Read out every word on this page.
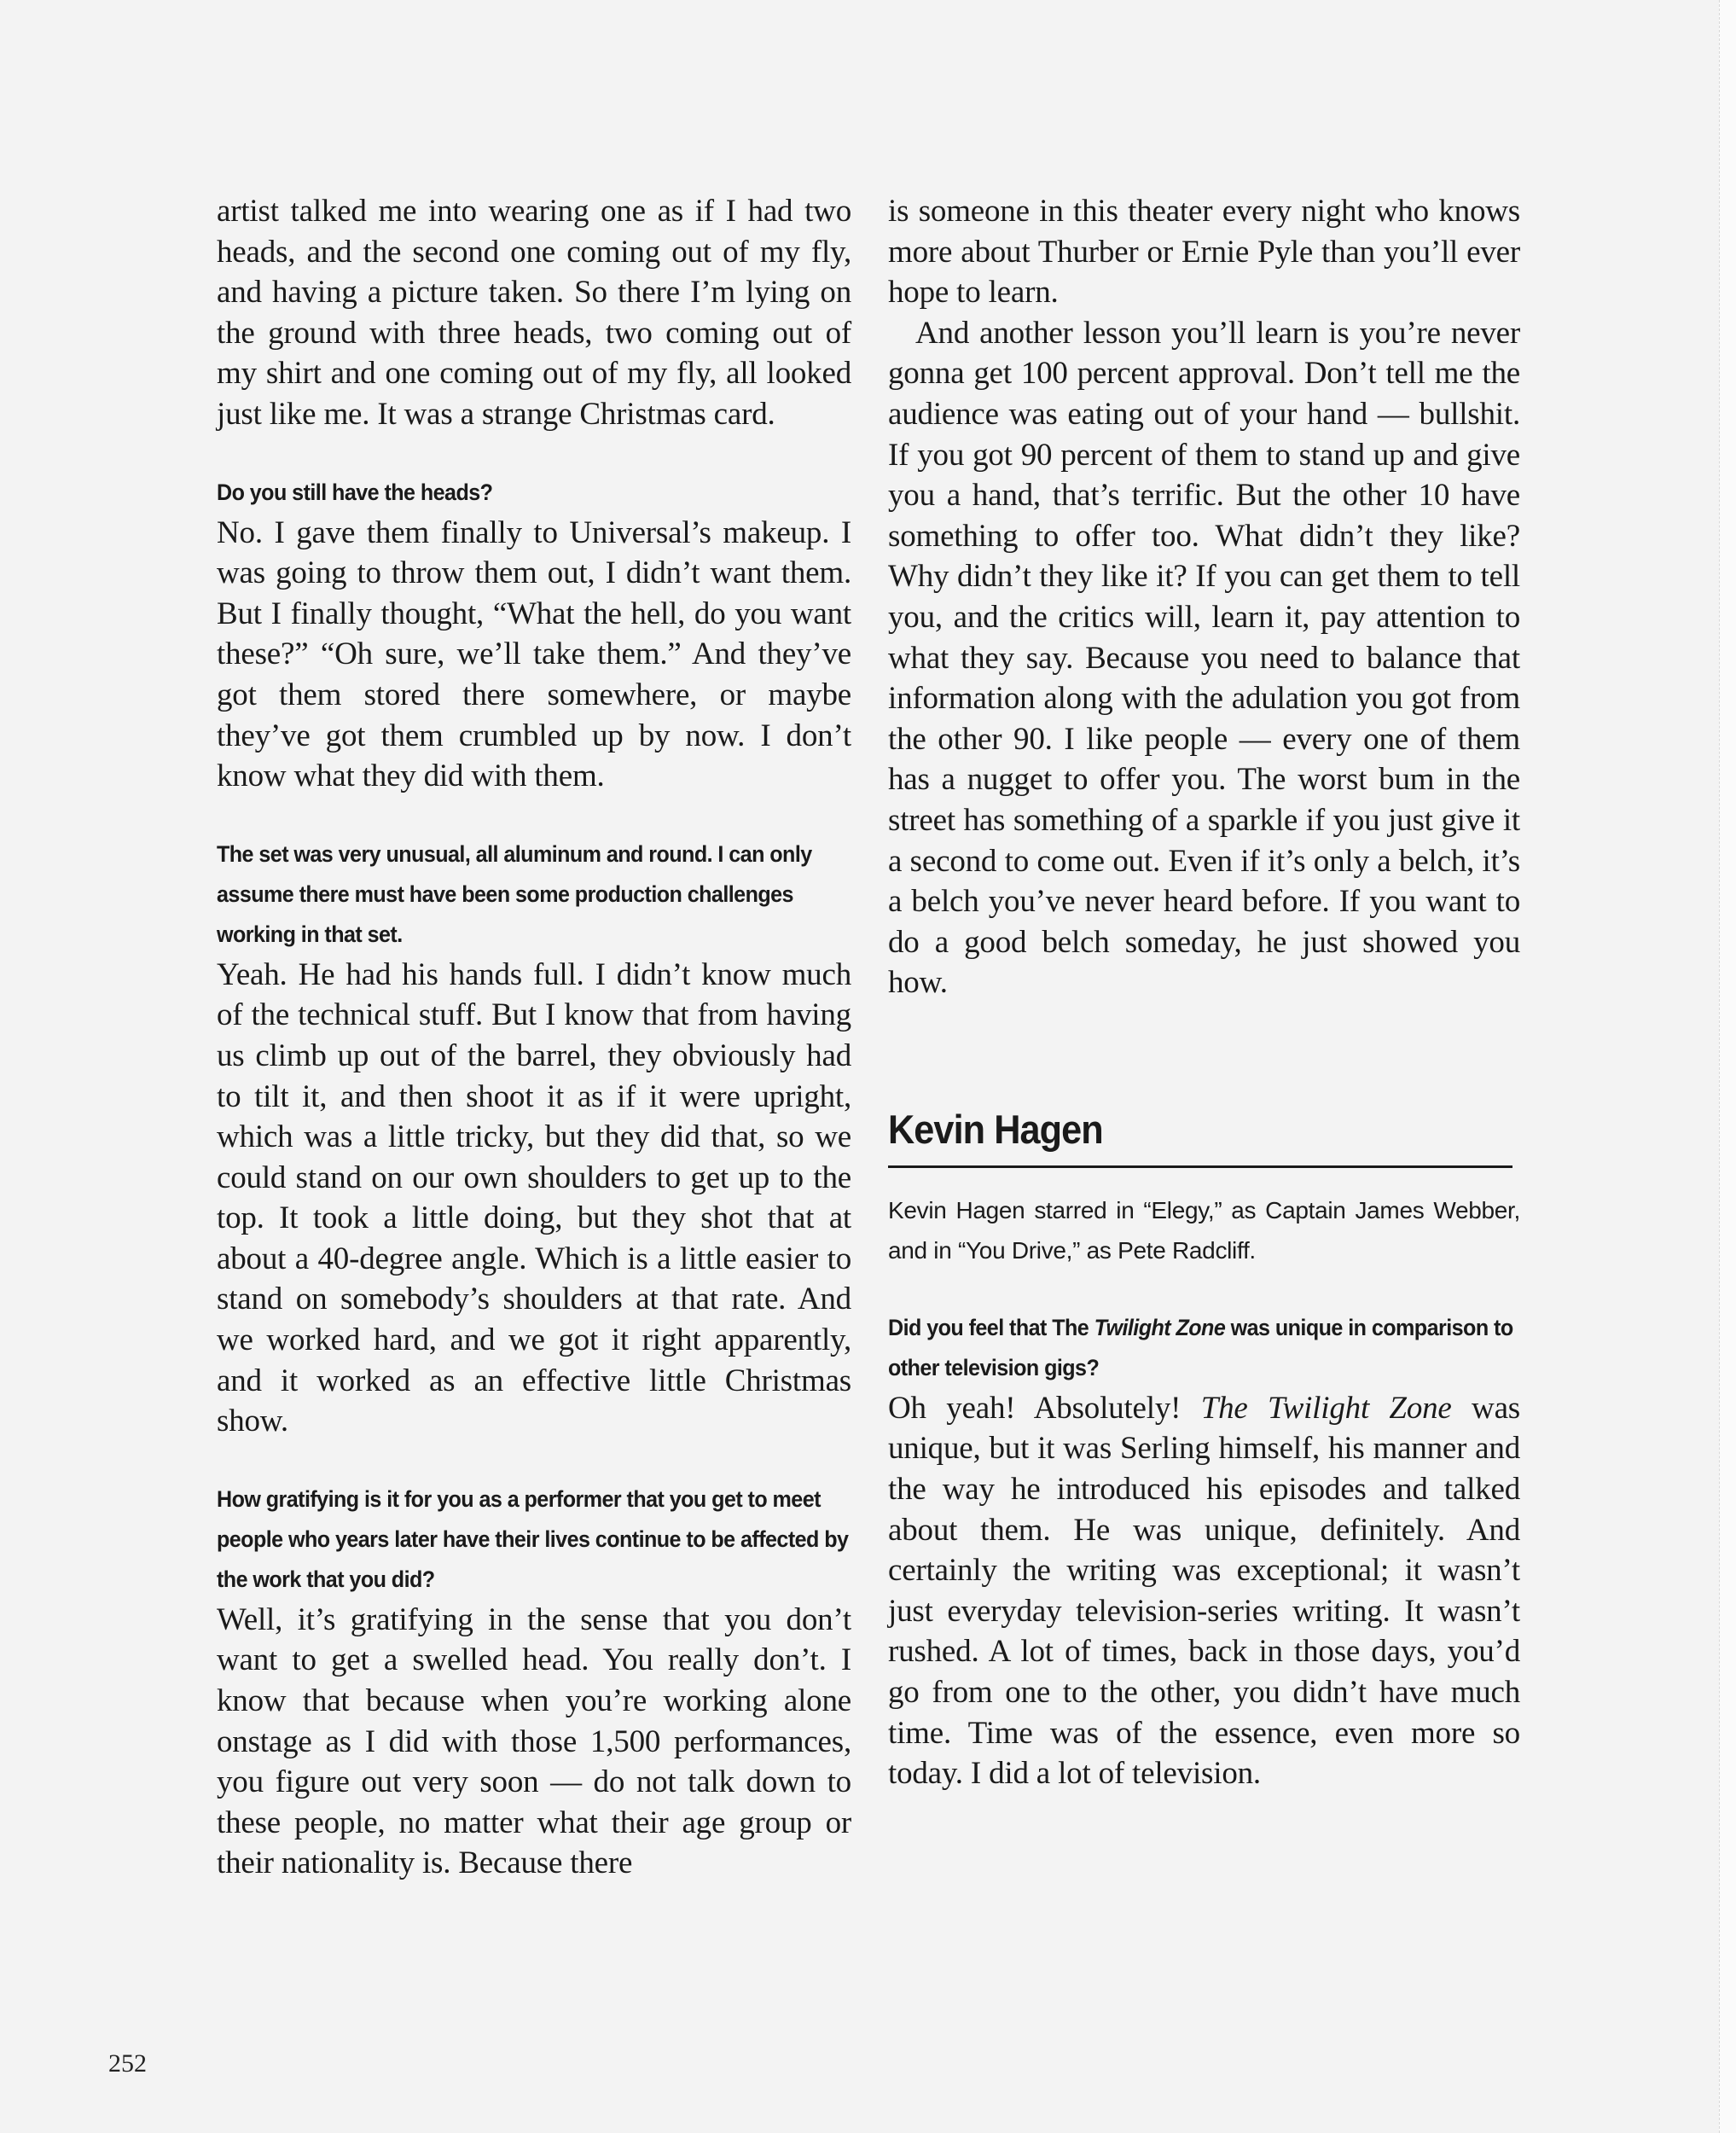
artist talked me into wearing one as if I had two heads, and the second one coming out of my fly, and having a picture taken. So there I’m lying on the ground with three heads, two coming out of my shirt and one coming out of my fly, all looked just like me. It was a strange Christmas card.

Do you still have the heads?

No. I gave them finally to Universal’s makeup. I was going to throw them out, I didn’t want them. But I finally thought, “What the hell, do you want these?” “Oh sure, we’ll take them.” And they’ve got them stored there somewhere, or maybe they’ve got them crumbled up by now. I don’t know what they did with them.

The set was very unusual, all aluminum and round. I can only assume there must have been some production challenges working in that set.

Yeah. He had his hands full. I didn’t know much of the technical stuff. But I know that from having us climb up out of the barrel, they obviously had to tilt it, and then shoot it as if it were upright, which was a little tricky, but they did that, so we could stand on our own shoulders to get up to the top. It took a little doing, but they shot that at about a 40-degree angle. Which is a little easier to stand on somebody’s shoulders at that rate. And we worked hard, and we got it right apparently, and it worked as an effective little Christmas show.

How gratifying is it for you as a performer that you get to meet people who years later have their lives continue to be affected by the work that you did?

Well, it’s gratifying in the sense that you don’t want to get a swelled head. You really don’t. I know that because when you’re working alone onstage as I did with those 1,500 performances, you figure out very soon — do not talk down to these people, no matter what their age group or their nationality is. Because there

is someone in this theater every night who knows more about Thurber or Ernie Pyle than you’ll ever hope to learn.

And another lesson you’ll learn is you’re never gonna get 100 percent approval. Don’t tell me the audience was eating out of your hand — bullshit. If you got 90 percent of them to stand up and give you a hand, that’s terrific. But the other 10 have something to offer too. What didn’t they like? Why didn’t they like it? If you can get them to tell you, and the critics will, learn it, pay attention to what they say. Because you need to balance that information along with the adulation you got from the other 90. I like people — every one of them has a nugget to offer you. The worst bum in the street has something of a sparkle if you just give it a second to come out. Even if it’s only a belch, it’s a belch you’ve never heard before. If you want to do a good belch someday, he just showed you how.

Kevin Hagen

Kevin Hagen starred in “Elegy,” as Captain James Webber, and in “You Drive,” as Pete Radcliff.

Did you feel that The Twilight Zone was unique in comparison to other television gigs?

Oh yeah! Absolutely! The Twilight Zone was unique, but it was Serling himself, his manner and the way he introduced his episodes and talked about them. He was unique, definitely. And certainly the writing was exceptional; it wasn’t just everyday television-series writing. It wasn’t rushed. A lot of times, back in those days, you’d go from one to the other, you didn’t have much time. Time was of the essence, even more so today. I did a lot of television.

252
